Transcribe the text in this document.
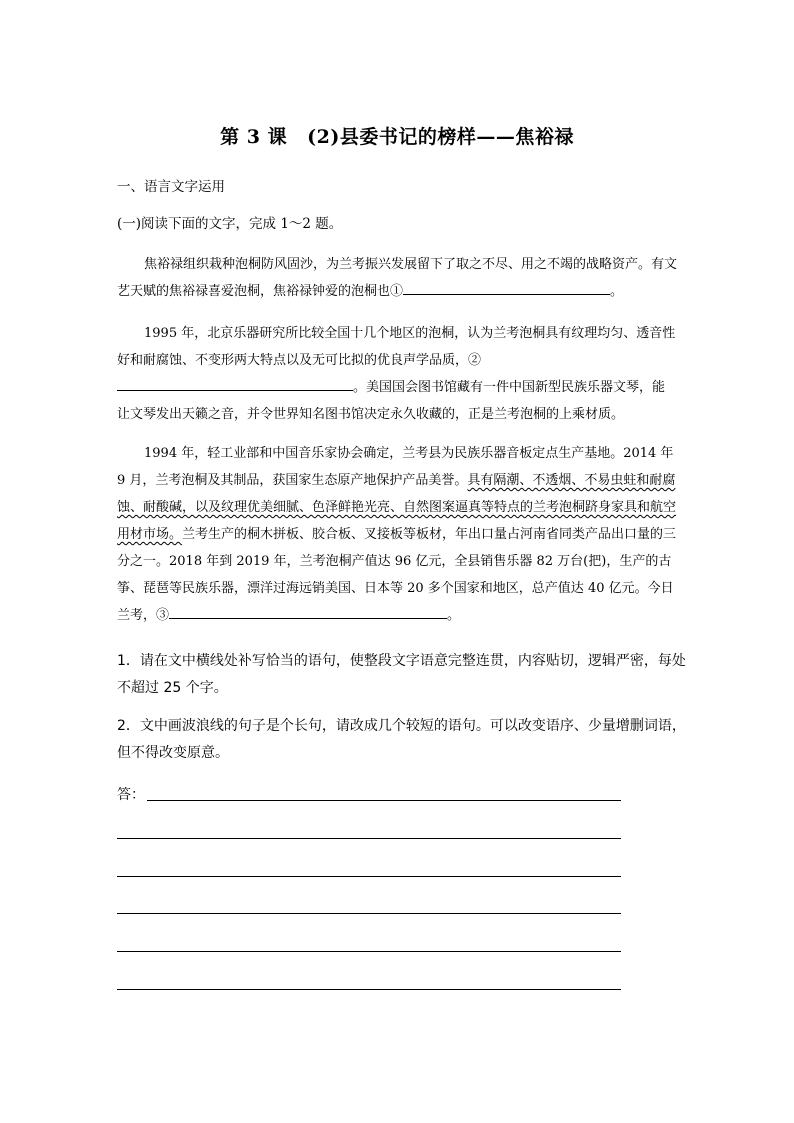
第 3 课 (2)县委书记的榜样——焦裕禄
一、语言文字运用
(一)阅读下面的文字，完成 1～2 题。
焦裕禄组织栽种泡桐防风固沙，为兰考振兴发展留下了取之不尽、用之不竭的战略资产。有文艺天赋的焦裕禄喜爱泡桐，焦裕禄钟爱的泡桐也①	。
1995 年，北京乐器研究所比较全国十几个地区的泡桐，认为兰考泡桐具有纹理均匀、透音性好和耐腐蚀、不变形两大特点以及无可比拟的优良声学品质，②。美国国会图书馆藏有一件中国新型民族乐器文琴，能让文琴发出天籁之音，并令世界知名图书馆决定永久收藏的，正是兰考泡桐的上乘材质。
1994 年，轻工业部和中国音乐家协会确定，兰考县为民族乐器音板定点生产基地。2014 年 9 月，兰考泡桐及其制品，获国家生态原产地保护产品美誉。具有隔潮、不透烟、不易虫蛀和耐腐蚀、耐酸碱，以及纹理优美细腻、色泽鲜艳光亮、自然图案逼真等特点的兰考泡桐跻身家具和航空用材市场。兰考生产的桐木拼板、胶合板、叉接板等板材，年出口量占河南省同类产品出口量的三分之一。2018 年到 2019 年，兰考泡桐产值达 96 亿元，全县销售乐器 82 万台(把)，生产的古筝、琵琶等民族乐器，漂洋过海远销美国、日本等 20 多个国家和地区，总产值达 40 亿元。今日兰考，③	。
1．请在文中横线处补写恰当的语句，使整段文字语意完整连贯，内容贴切，逻辑严密，每处不超过 25 个字。
2．文中画波浪线的句子是个长句，请改成几个较短的语句。可以改变语序、少量增删词语，但不得改变原意。
答：
